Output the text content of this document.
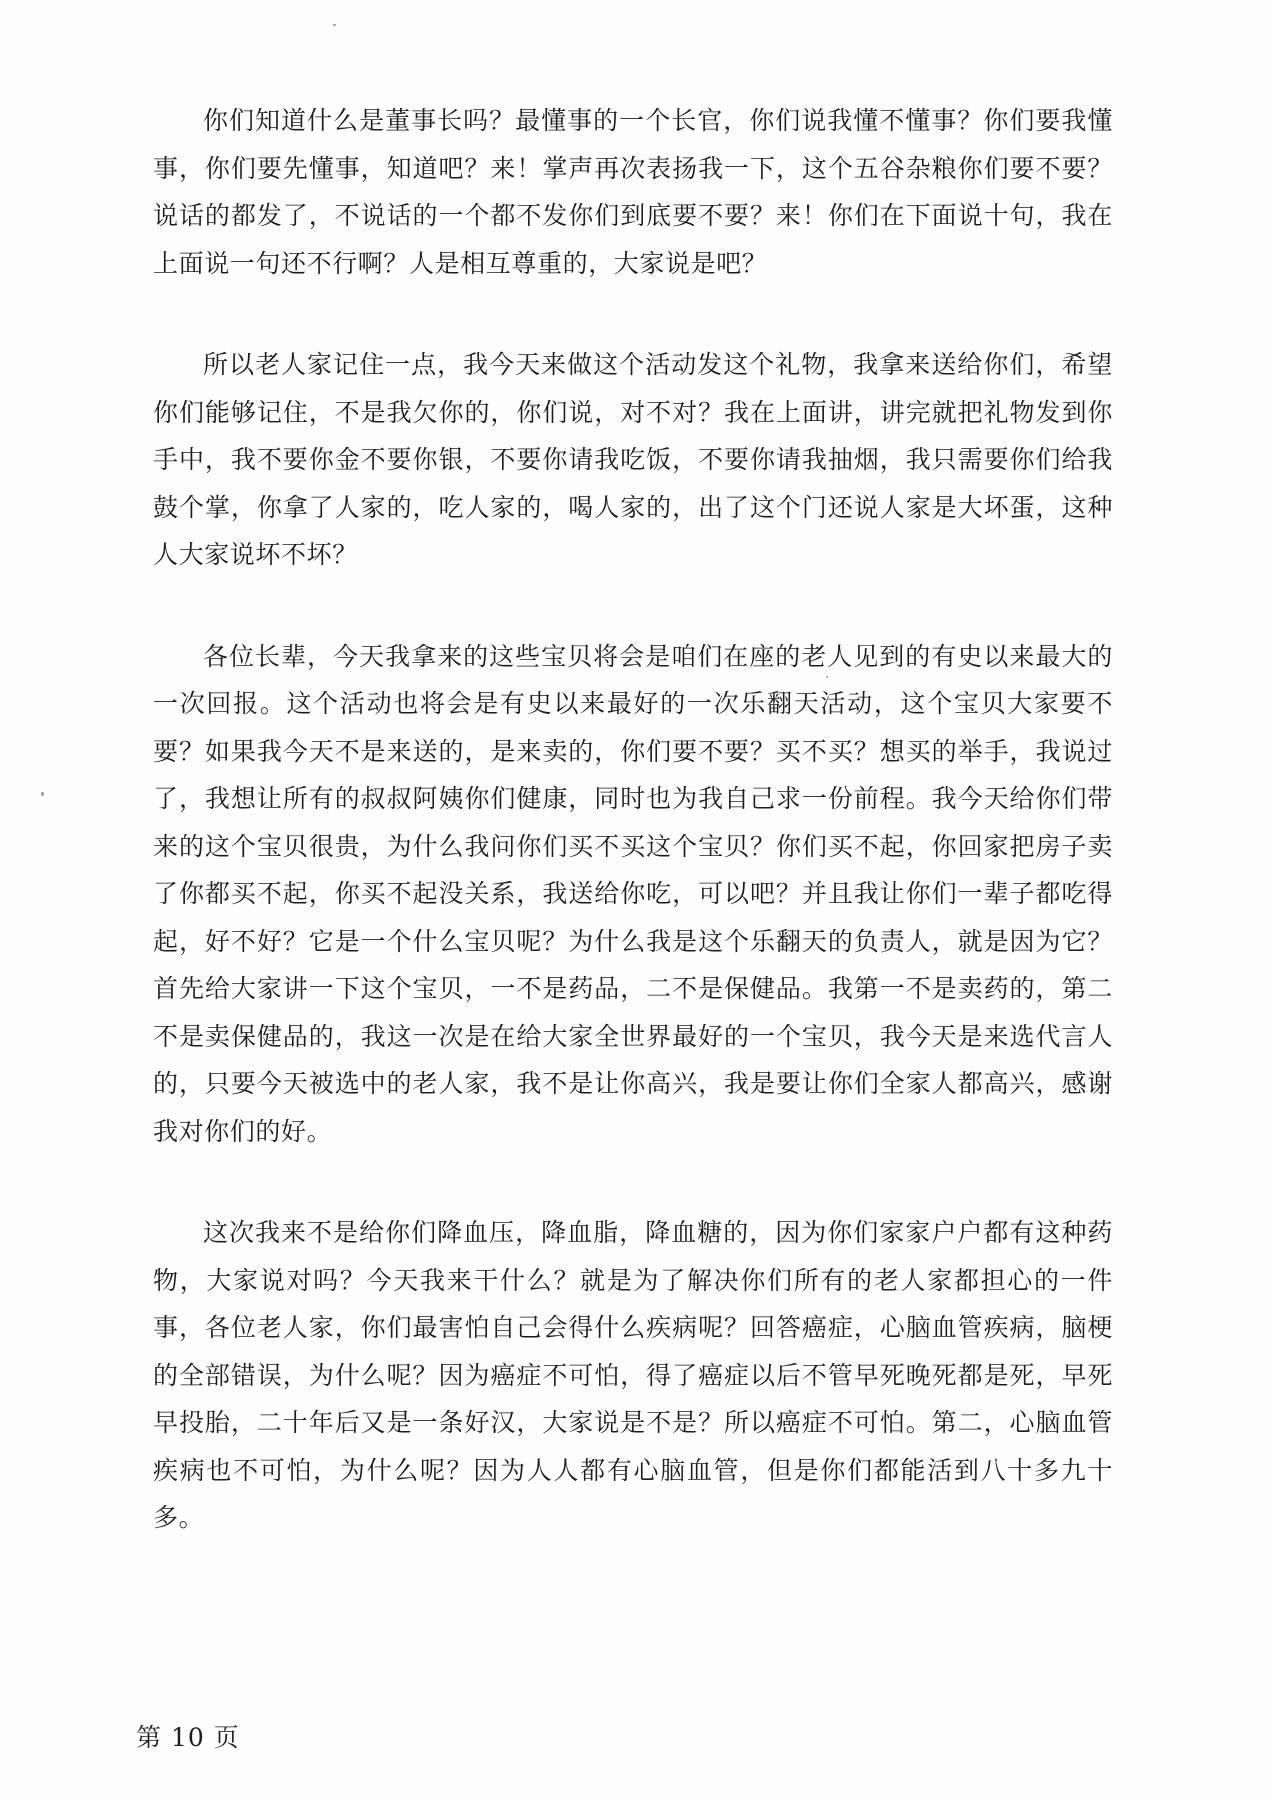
你们知道什么是董事长吗？最懂事的一个长官，你们说我懂不懂事？你们要我懂事，你们要先懂事，知道吧？来！掌声再次表扬我一下，这个五谷杂粮你们要不要？说话的都发了，不说话的一个都不发你们到底要不要？来！你们在下面说十句，我在上面说一句还不行啊？人是相互尊重的，大家说是吧？

所以老人家记住一点，我今天来做这个活动发这个礼物，我拿来送给你们，希望你们能够记住，不是我欠你的，你们说，对不对？我在上面讲，讲完就把礼物发到你手中，我不要你金不要你银，不要你请我吃饭，不要你请我抽烟，我只需要你们给我鼓个掌，你拿了人家的，吃人家的，喝人家的，出了这个门还说人家是大坏蛋，这种人大家说坏不坏？

各位长辈，今天我拿来的这些宝贝将会是咱们在座的老人见到的有史以来最大的一次回报。这个活动也将会是有史以来最好的一次乐翻天活动，这个宝贝大家要不要？如果我今天不是来送的，是来卖的，你们要不要？买不买？想买的举手，我说过了，我想让所有的叔叔阿姨你们健康，同时也为我自己求一份前程。我今天给你们带来的这个宝贝很贵，为什么我问你们买不买这个宝贝？你们买不起，你回家把房子卖了你都买不起，你买不起没关系，我送给你吃，可以吧？并且我让你们一辈子都吃得起，好不好？它是一个什么宝贝呢？为什么我是这个乐翻天的负责人，就是因为它？首先给大家讲一下这个宝贝，一不是药品，二不是保健品。我第一不是卖药的，第二不是卖保健品的，我这一次是在给大家全世界最好的一个宝贝，我今天是来选代言人的，只要今天被选中的老人家，我不是让你高兴，我是要让你们全家人都高兴，感谢我对你们的好。

这次我来不是给你们降血压，降血脂，降血糖的，因为你们家家户户都有这种药物，大家说对吗？今天我来干什么？就是为了解决你们所有的老人家都担心的一件事，各位老人家，你们最害怕自己会得什么疾病呢？回答癌症，心脑血管疾病，脑梗的全部错误，为什么呢？因为癌症不可怕，得了癌症以后不管早死晚死都是死，早死早投胎，二十年后又是一条好汉，大家说是不是？所以癌症不可怕。第二，心脑血管疾病也不可怕，为什么呢？因为人人都有心脑血管，但是你们都能活到八十多九十多。

第 10 页
